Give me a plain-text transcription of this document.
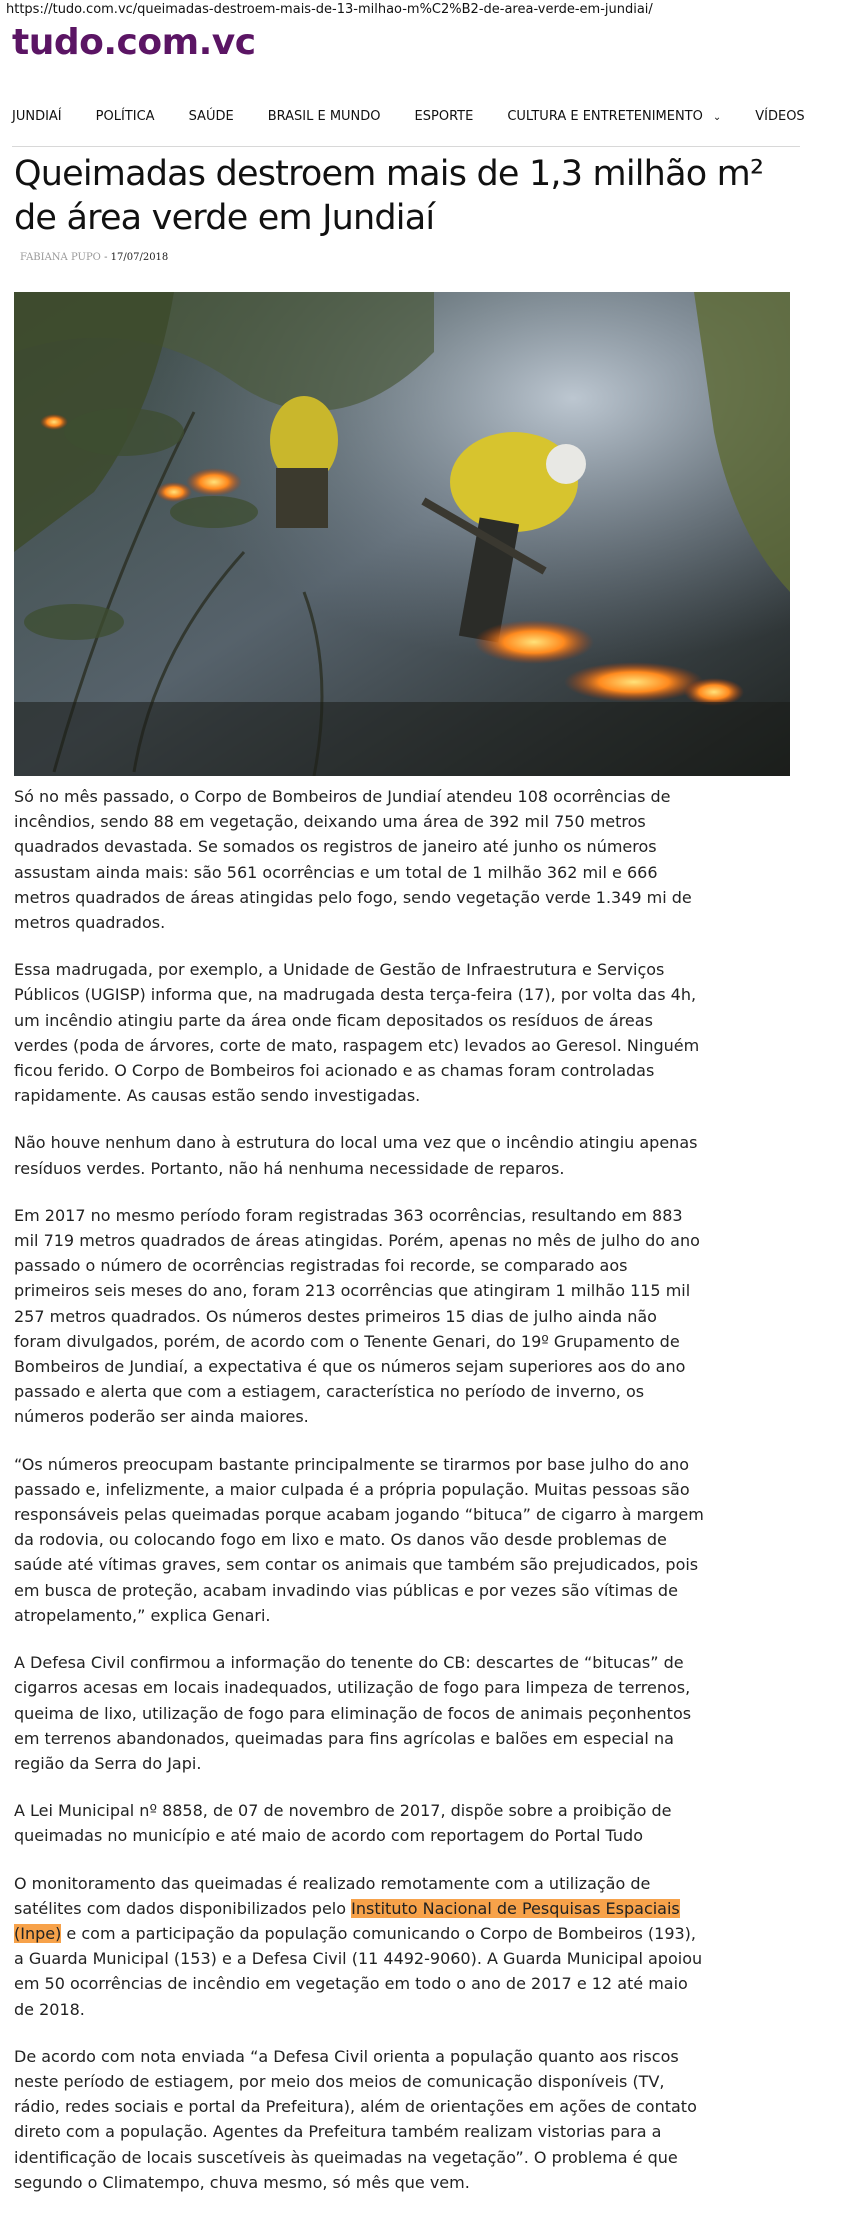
https://tudo.com.vc/queimadas-destroem-mais-de-13-milhao-m%C2%B2-de-area-verde-em-jundiai/
tudo.com.vc
JUNDIAÍ	POLÍTICA	SAÚDE	BRASIL E MUNDO	ESPORTE	CULTURA E ENTRETENIMENTO ⌄	VÍDEOS
Queimadas destroem mais de 1,3 milhão m² de área verde em Jundiaí
FABIANA PUPO - 17/07/2018

Só no mês passado, o Corpo de Bombeiros de Jundiaí atendeu 108 ocorrências de incêndios, sendo 88 em vegetação, deixando uma área de 392 mil 750 metros quadrados devastada. Se somados os registros de janeiro até junho os números assustam ainda mais: são 561 ocorrências e um total de 1 milhão 362 mil e 666 metros quadrados de áreas atingidas pelo fogo, sendo vegetação verde 1.349 mi de metros quadrados.

Essa madrugada, por exemplo, a Unidade de Gestão de Infraestrutura e Serviços Públicos (UGISP) informa que, na madrugada desta terça-feira (17), por volta das 4h, um incêndio atingiu parte da área onde ficam depositados os resíduos de áreas verdes (poda de árvores, corte de mato, raspagem etc) levados ao Geresol. Ninguém ficou ferido. O Corpo de Bombeiros foi acionado e as chamas foram controladas rapidamente. As causas estão sendo investigadas.

Não houve nenhum dano à estrutura do local uma vez que o incêndio atingiu apenas resíduos verdes. Portanto, não há nenhuma necessidade de reparos.

Em 2017 no mesmo período foram registradas 363 ocorrências, resultando em 883 mil 719 metros quadrados de áreas atingidas. Porém, apenas no mês de julho do ano passado o número de ocorrências registradas foi recorde, se comparado aos primeiros seis meses do ano, foram 213 ocorrências que atingiram 1 milhão 115 mil 257 metros quadrados. Os números destes primeiros 15 dias de julho ainda não foram divulgados, porém, de acordo com o Tenente Genari, do 19º Grupamento de Bombeiros de Jundiaí, a expectativa é que os números sejam superiores aos do ano passado e alerta que com a estiagem, característica no período de inverno, os números poderão ser ainda maiores.

“Os números preocupam bastante principalmente se tirarmos por base julho do ano passado e, infelizmente, a maior culpada é a própria população. Muitas pessoas são responsáveis pelas queimadas porque acabam jogando “bituca” de cigarro à margem da rodovia, ou colocando fogo em lixo e mato. Os danos vão desde problemas de saúde até vítimas graves, sem contar os animais que também são prejudicados, pois em busca de proteção, acabam invadindo vias públicas e por vezes são vítimas de atropelamento,” explica Genari.

A Defesa Civil confirmou a informação do tenente do CB: descartes de “bitucas” de cigarros acesas em locais inadequados, utilização de fogo para limpeza de terrenos, queima de lixo, utilização de fogo para eliminação de focos de animais peçonhentos em terrenos abandonados, queimadas para fins agrícolas e balões em especial na região da Serra do Japi.

A Lei Municipal nº 8858, de 07 de novembro de 2017, dispõe sobre a proibição de queimadas no município e até maio de acordo com reportagem do Portal Tudo

O monitoramento das queimadas é realizado remotamente com a utilização de satélites com dados disponibilizados pelo Instituto Nacional de Pesquisas Espaciais (Inpe) e com a participação da população comunicando o Corpo de Bombeiros (193), a Guarda Municipal (153) e a Defesa Civil (11 4492-9060). A Guarda Municipal apoiou em 50 ocorrências de incêndio em vegetação em todo o ano de 2017 e 12 até maio de 2018.

De acordo com nota enviada “a Defesa Civil orienta a população quanto aos riscos neste período de estiagem, por meio dos meios de comunicação disponíveis (TV, rádio, redes sociais e portal da Prefeitura), além de orientações em ações de contato direto com a população. Agentes da Prefeitura também realizam vistorias para a identificação de locais suscetíveis às queimadas na vegetação”. O problema é que segundo o Climatempo, chuva mesmo, só mês que vem.
